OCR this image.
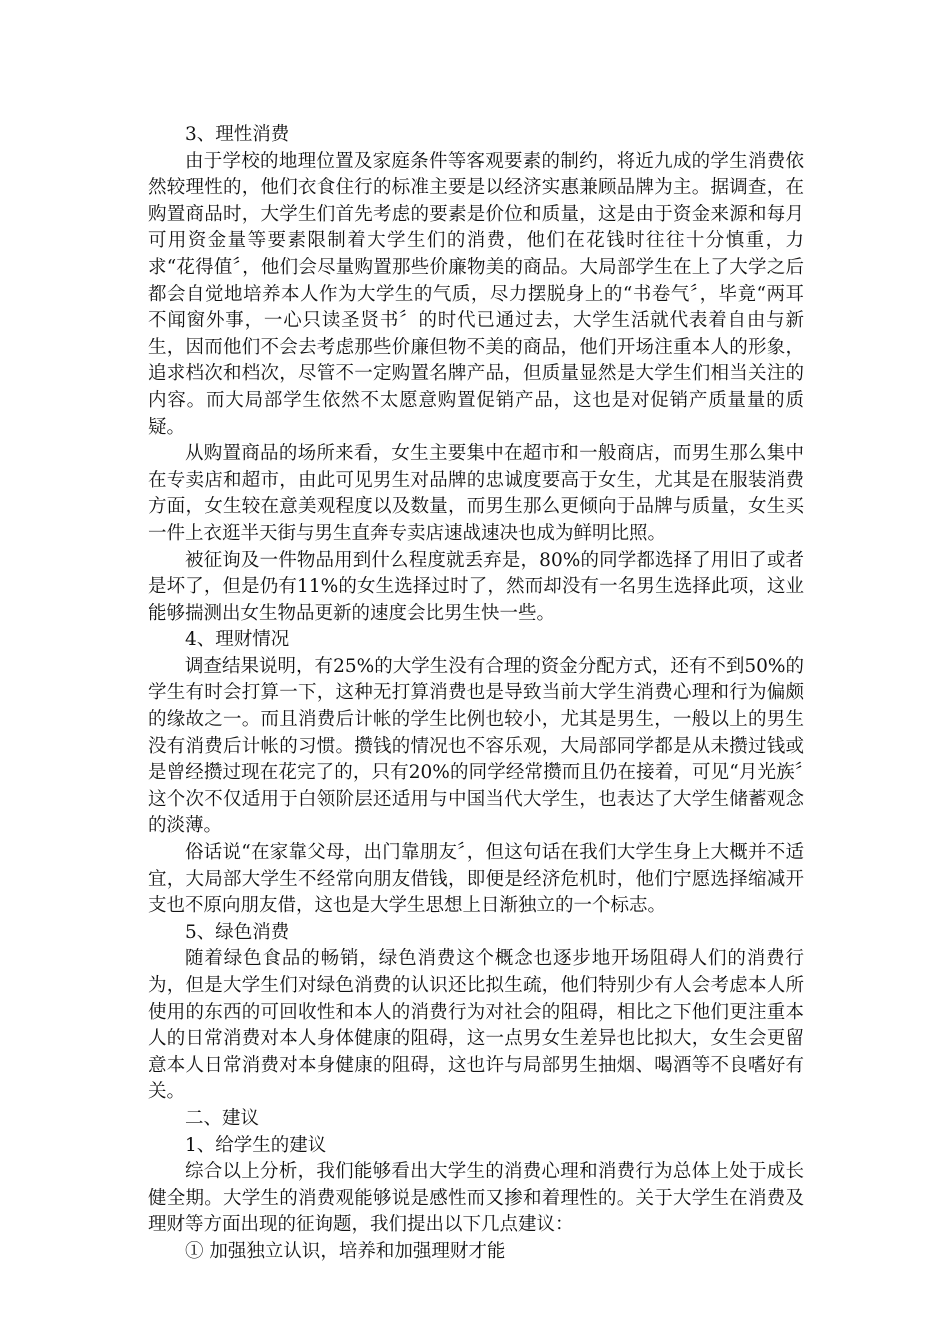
3、理性消费

由于学校的地理位置及家庭条件等客观要素的制约，将近九成的学生消费依然较理性的，他们衣食住行的标准主要是以经济实惠兼顾品牌为主。据调查，在购置商品时，大学生们首先考虑的要素是价位和质量，这是由于资金来源和每月可用资金量等要素限制着大学生们的消费，他们在花钱时往往十分慎重，力求“花得值〞，他们会尽量购置那些价廉物美的商品。大局部学生在上了大学之后都会自觉地培养本人作为大学生的气质，尽力摆脱身上的“书卷气〞，毕竟“两耳不闻窗外事，一心只读圣贤书〞的时代已通过去，大学生活就代表着自由与新生，因而他们不会去考虑那些价廉但物不美的商品，他们开场注重本人的形象，追求档次和档次，尽管不一定购置名牌产品，但质量显然是大学生们相当关注的内容。而大局部学生依然不太愿意购置促销产品，这也是对促销产质量量的质疑。

从购置商品的场所来看，女生主要集中在超市和一般商店，而男生那么集中在专卖店和超市，由此可见男生对品牌的忠诚度要高于女生，尤其是在服装消费方面，女生较在意美观程度以及数量，而男生那么更倾向于品牌与质量，女生买一件上衣逛半天街与男生直奔专卖店速战速决也成为鲜明比照。

被征询及一件物品用到什么程度就丢弃是，80%的同学都选择了用旧了或者是坏了，但是仍有11%的女生选择过时了，然而却没有一名男生选择此项，这业能够揣测出女生物品更新的速度会比男生快一些。

4、理财情况

调查结果说明，有25%的大学生没有合理的资金分配方式，还有不到50%的学生有时会打算一下，这种无打算消费也是导致当前大学生消费心理和行为偏颇的缘故之一。而且消费后计帐的学生比例也较小，尤其是男生，一般以上的男生没有消费后计帐的习惯。攒钱的情况也不容乐观，大局部同学都是从未攒过钱或是曾经攒过现在花完了的，只有20%的同学经常攒而且仍在接着，可见“月光族〞这个次不仅适用于白领阶层还适用与中国当代大学生，也表达了大学生储蓄观念的淡薄。

俗话说“在家靠父母，出门靠朋友〞，但这句话在我们大学生身上大概并不适宜，大局部大学生不经常向朋友借钱，即便是经济危机时，他们宁愿选择缩减开支也不原向朋友借，这也是大学生思想上日渐独立的一个标志。

5、绿色消费

随着绿色食品的畅销，绿色消费这个概念也逐步地开场阻碍人们的消费行为，但是大学生们对绿色消费的认识还比拟生疏，他们特别少有人会考虑本人所使用的东西的可回收性和本人的消费行为对社会的阻碍，相比之下他们更注重本人的日常消费对本人身体健康的阻碍，这一点男女生差异也比拟大，女生会更留意本人日常消费对本身健康的阻碍，这也许与局部男生抽烟、喝酒等不良嗜好有关。

二、建议
1、给学生的建议

综合以上分析，我们能够看出大学生的消费心理和消费行为总体上处于成长健全期。大学生的消费观能够说是感性而又掺和着理性的。关于大学生在消费及理财等方面出现的征询题，我们提出以下几点建议：

① 加强独立认识，培养和加强理财才能
